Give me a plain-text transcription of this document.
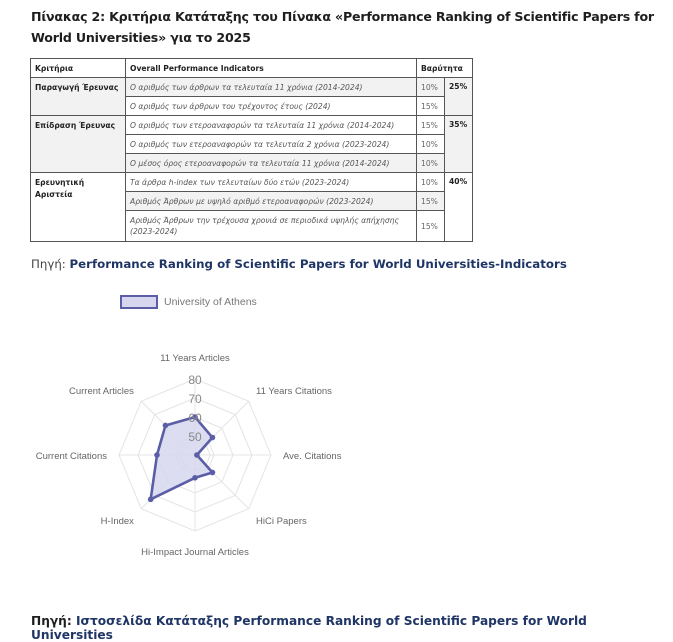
Πίνακας 2: Κριτήρια Κατάταξης του Πίνακα «Performance Ranking of Scientific Papers for World Universities» για το 2025
Κριτήρια	Overall Performance Indicators	Βαρύτητα	
Παραγωγή Έρευνας	Ο αριθμός των άρθρων τα τελευταία 11 χρόνια (2014-2024)	10%	25%
	Ο αριθμός των άρθρων του τρέχοντος έτους (2024)	15%	
Επίδραση Έρευνας	Ο αριθμός των ετεροαναφορών τα τελευταία 11 χρόνια (2014-2024)	15%	35%
	Ο αριθμός των ετεροαναφορών τα τελευταία 2 χρόνια (2023-2024)	10%	
	Ο μέσος όρος ετεροαναφορών τα τελευταία 11 χρόνια (2014-2024)	10%	
Ερευνητική Αριστεία	Τα άρθρα h-index των τελευταίων δύο ετών (2023-2024)	10%	40%
	Αριθμός Άρθρων με υψηλό αριθμό ετεροαναφορών (2023-2024)	15%	
	Αριθμός Άρθρων την τρέχουσα χρονιά σε περιοδικά υψηλής απήχησης (2023-2024)	15%	
Πηγή: Performance Ranking of Scientific Papers for World Universities-Indicators
University of Athens
50
60
70
80
11 Years Articles
11 Years Citations
Ave. Citations
HiCi Papers
Hi-Impact Journal Articles
H-Index
Current Citations
Current Articles
Πηγή: Ιστοσελίδα Κατάταξης Performance Ranking of Scientific Papers for World Universities
